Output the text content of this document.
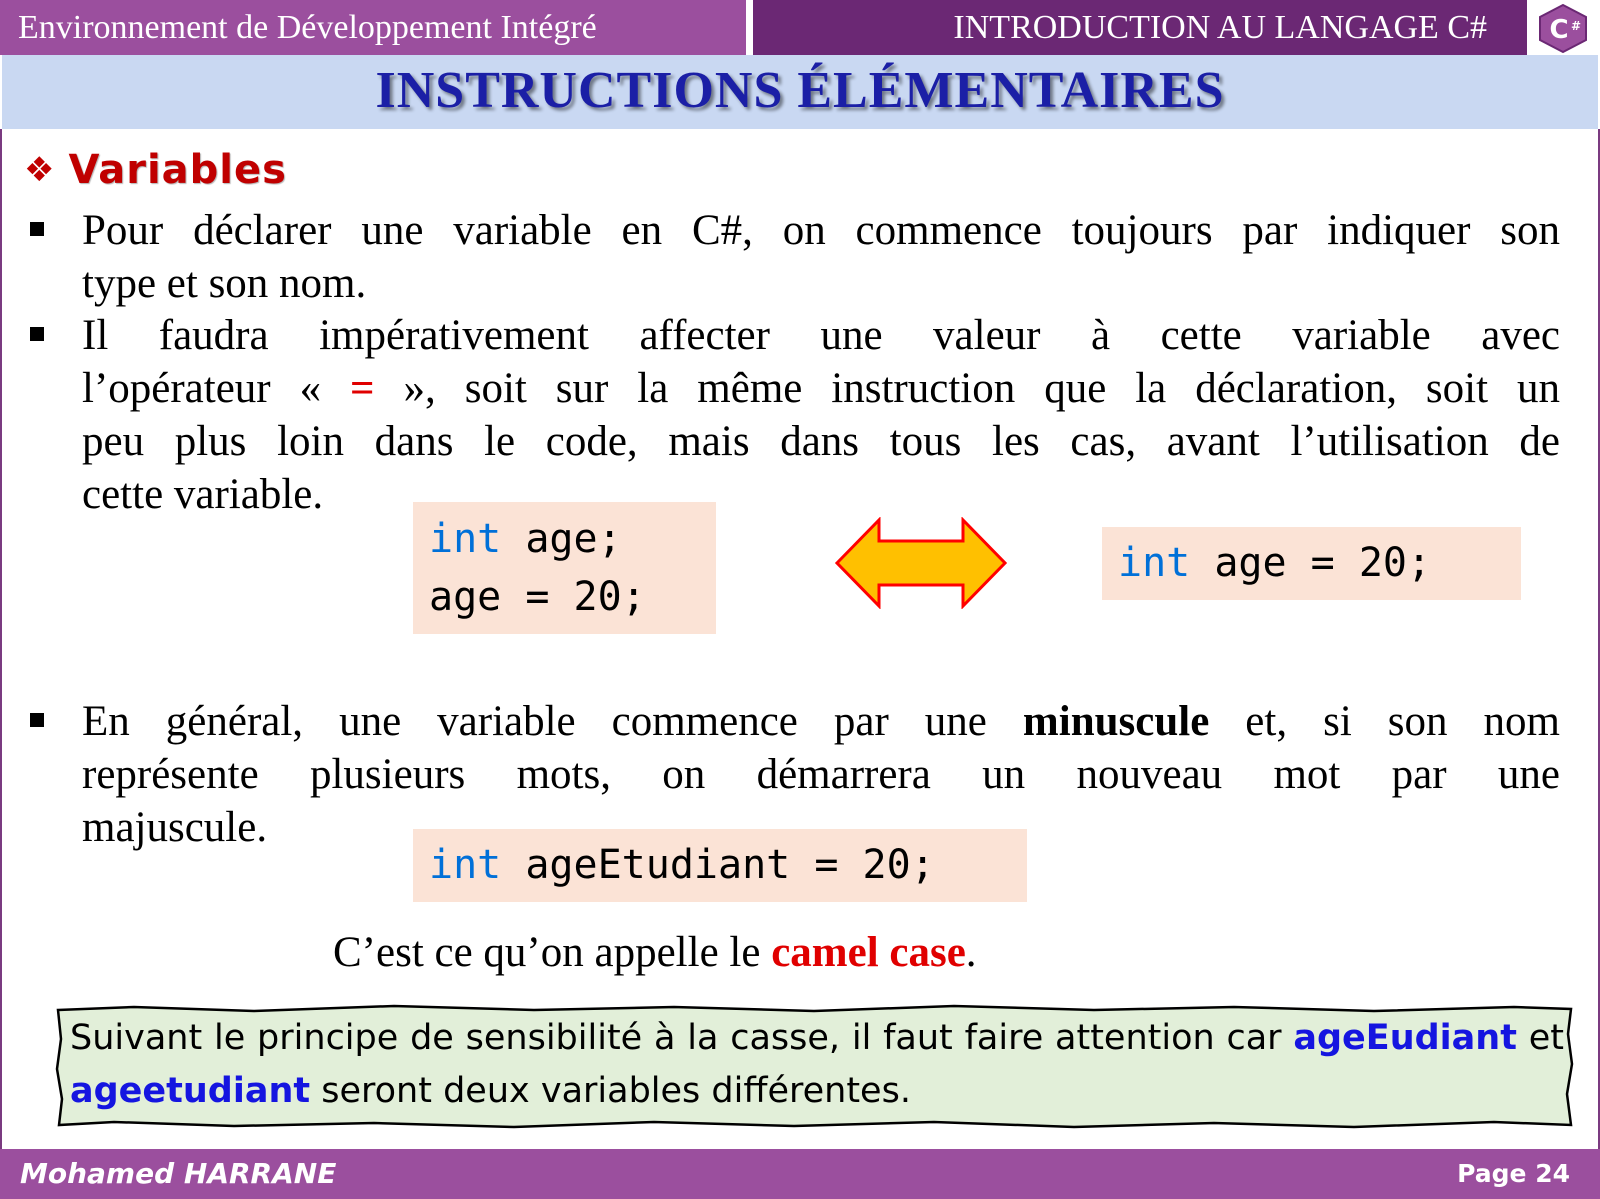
Environnement de Développement Intégré	INTRODUCTION AU LANGAGE C#	C #
INSTRUCTIONS ÉLÉMENTAIRES
❖ Variables
Pour déclarer une variable en C#, on commence toujours par indiquer son
type et son nom.
Il faudra impérativement affecter une valeur à cette variable avec
l’opérateur « = », soit sur la même instruction que la déclaration, soit un
peu plus loin dans le code, mais dans tous les cas, avant l’utilisation de
cette variable.
int age;
age = 20;
int age = 20;
En général, une variable commence par une minuscule et, si son nom
représente plusieurs mots, on démarrera un nouveau mot par une
majuscule.
int ageEtudiant = 20;
C’est ce qu’on appelle le camel case.
Suivant le principe de sensibilité à la casse, il faut faire attention car ageEudiant et ageetudiant seront deux variables différentes.
Mohamed HARRANE	Page 24
